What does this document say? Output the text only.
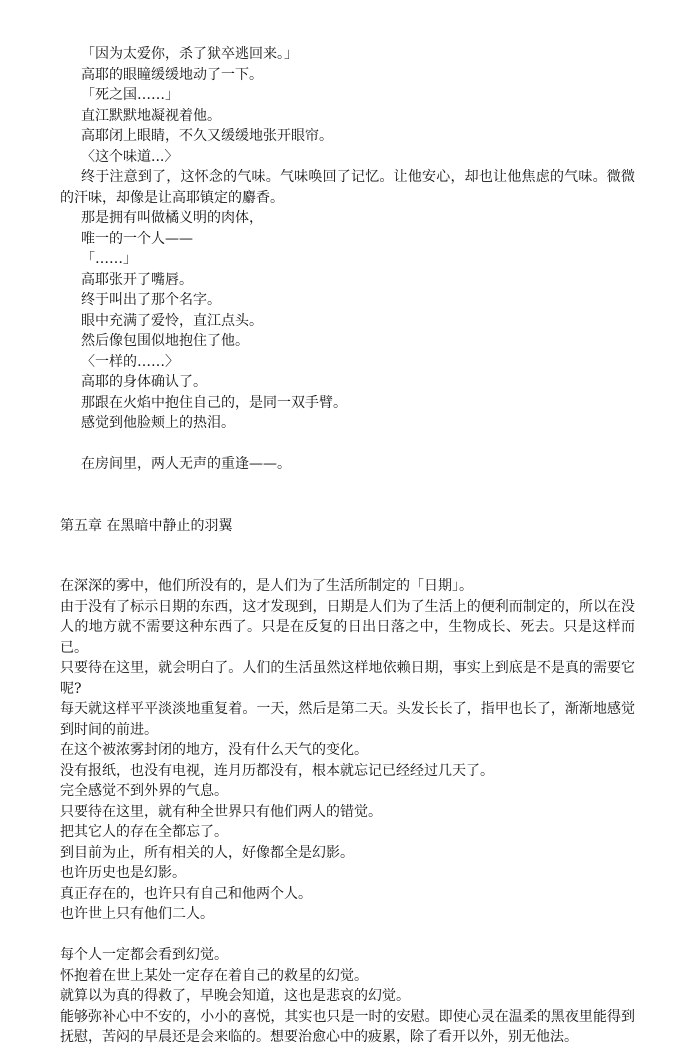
「因为太爱你，杀了狱卒逃回来。」

高耶的眼瞳缓缓地动了一下。

「死之国……」

直江默默地凝视着他。

高耶闭上眼睛，不久又缓缓地张开眼帘。

〈这个味道...〉

终于注意到了，这怀念的气味。气味唤回了记忆。让他安心，却也让他焦虑的气味。微微的汗味，却像是让高耶镇定的麝香。

那是拥有叫做橘义明的肉体，

唯一的一个人——

「……」

高耶张开了嘴唇。

终于叫出了那个名字。

眼中充满了爱怜，直江点头。

然后像包围似地抱住了他。

〈一样的……〉

高耶的身体确认了。

那跟在火焰中抱住自己的，是同一双手臂。

感觉到他脸颊上的热泪。

在房间里，两人无声的重逢——。

第五章 在黑暗中静止的羽翼

在深深的雾中，他们所没有的，是人们为了生活所制定的「日期」。

由于没有了标示日期的东西，这才发现到，日期是人们为了生活上的便利而制定的，所以在没人的地方就不需要这种东西了。只是在反复的日出日落之中，生物成长、死去。只是这样而已。

只要待在这里，就会明白了。人们的生活虽然这样地依赖日期，事实上到底是不是真的需要它呢?

每天就这样平平淡淡地重复着。一天，然后是第二天。头发长长了，指甲也长了，渐渐地感觉到时间的前进。

在这个被浓雾封闭的地方，没有什么天气的变化。

没有报纸，也没有电视，连月历都没有，根本就忘记已经经过几天了。

完全感觉不到外界的气息。

只要待在这里，就有种全世界只有他们两人的错觉。

把其它人的存在全都忘了。

到目前为止，所有相关的人，好像都全是幻影。

也许历史也是幻影。

真正存在的，也许只有自己和他两个人。

也许世上只有他们二人。

每个人一定都会看到幻觉。

怀抱着在世上某处一定存在着自己的救星的幻觉。

就算以为真的得救了，早晚会知道，这也是悲哀的幻觉。

能够弥补心中不安的，小小的喜悦，其实也只是一时的安慰。即使心灵在温柔的黑夜里能得到抚慰，苦闷的早晨还是会来临的。想要治愈心中的疲累，除了看开以外，别无他法。
